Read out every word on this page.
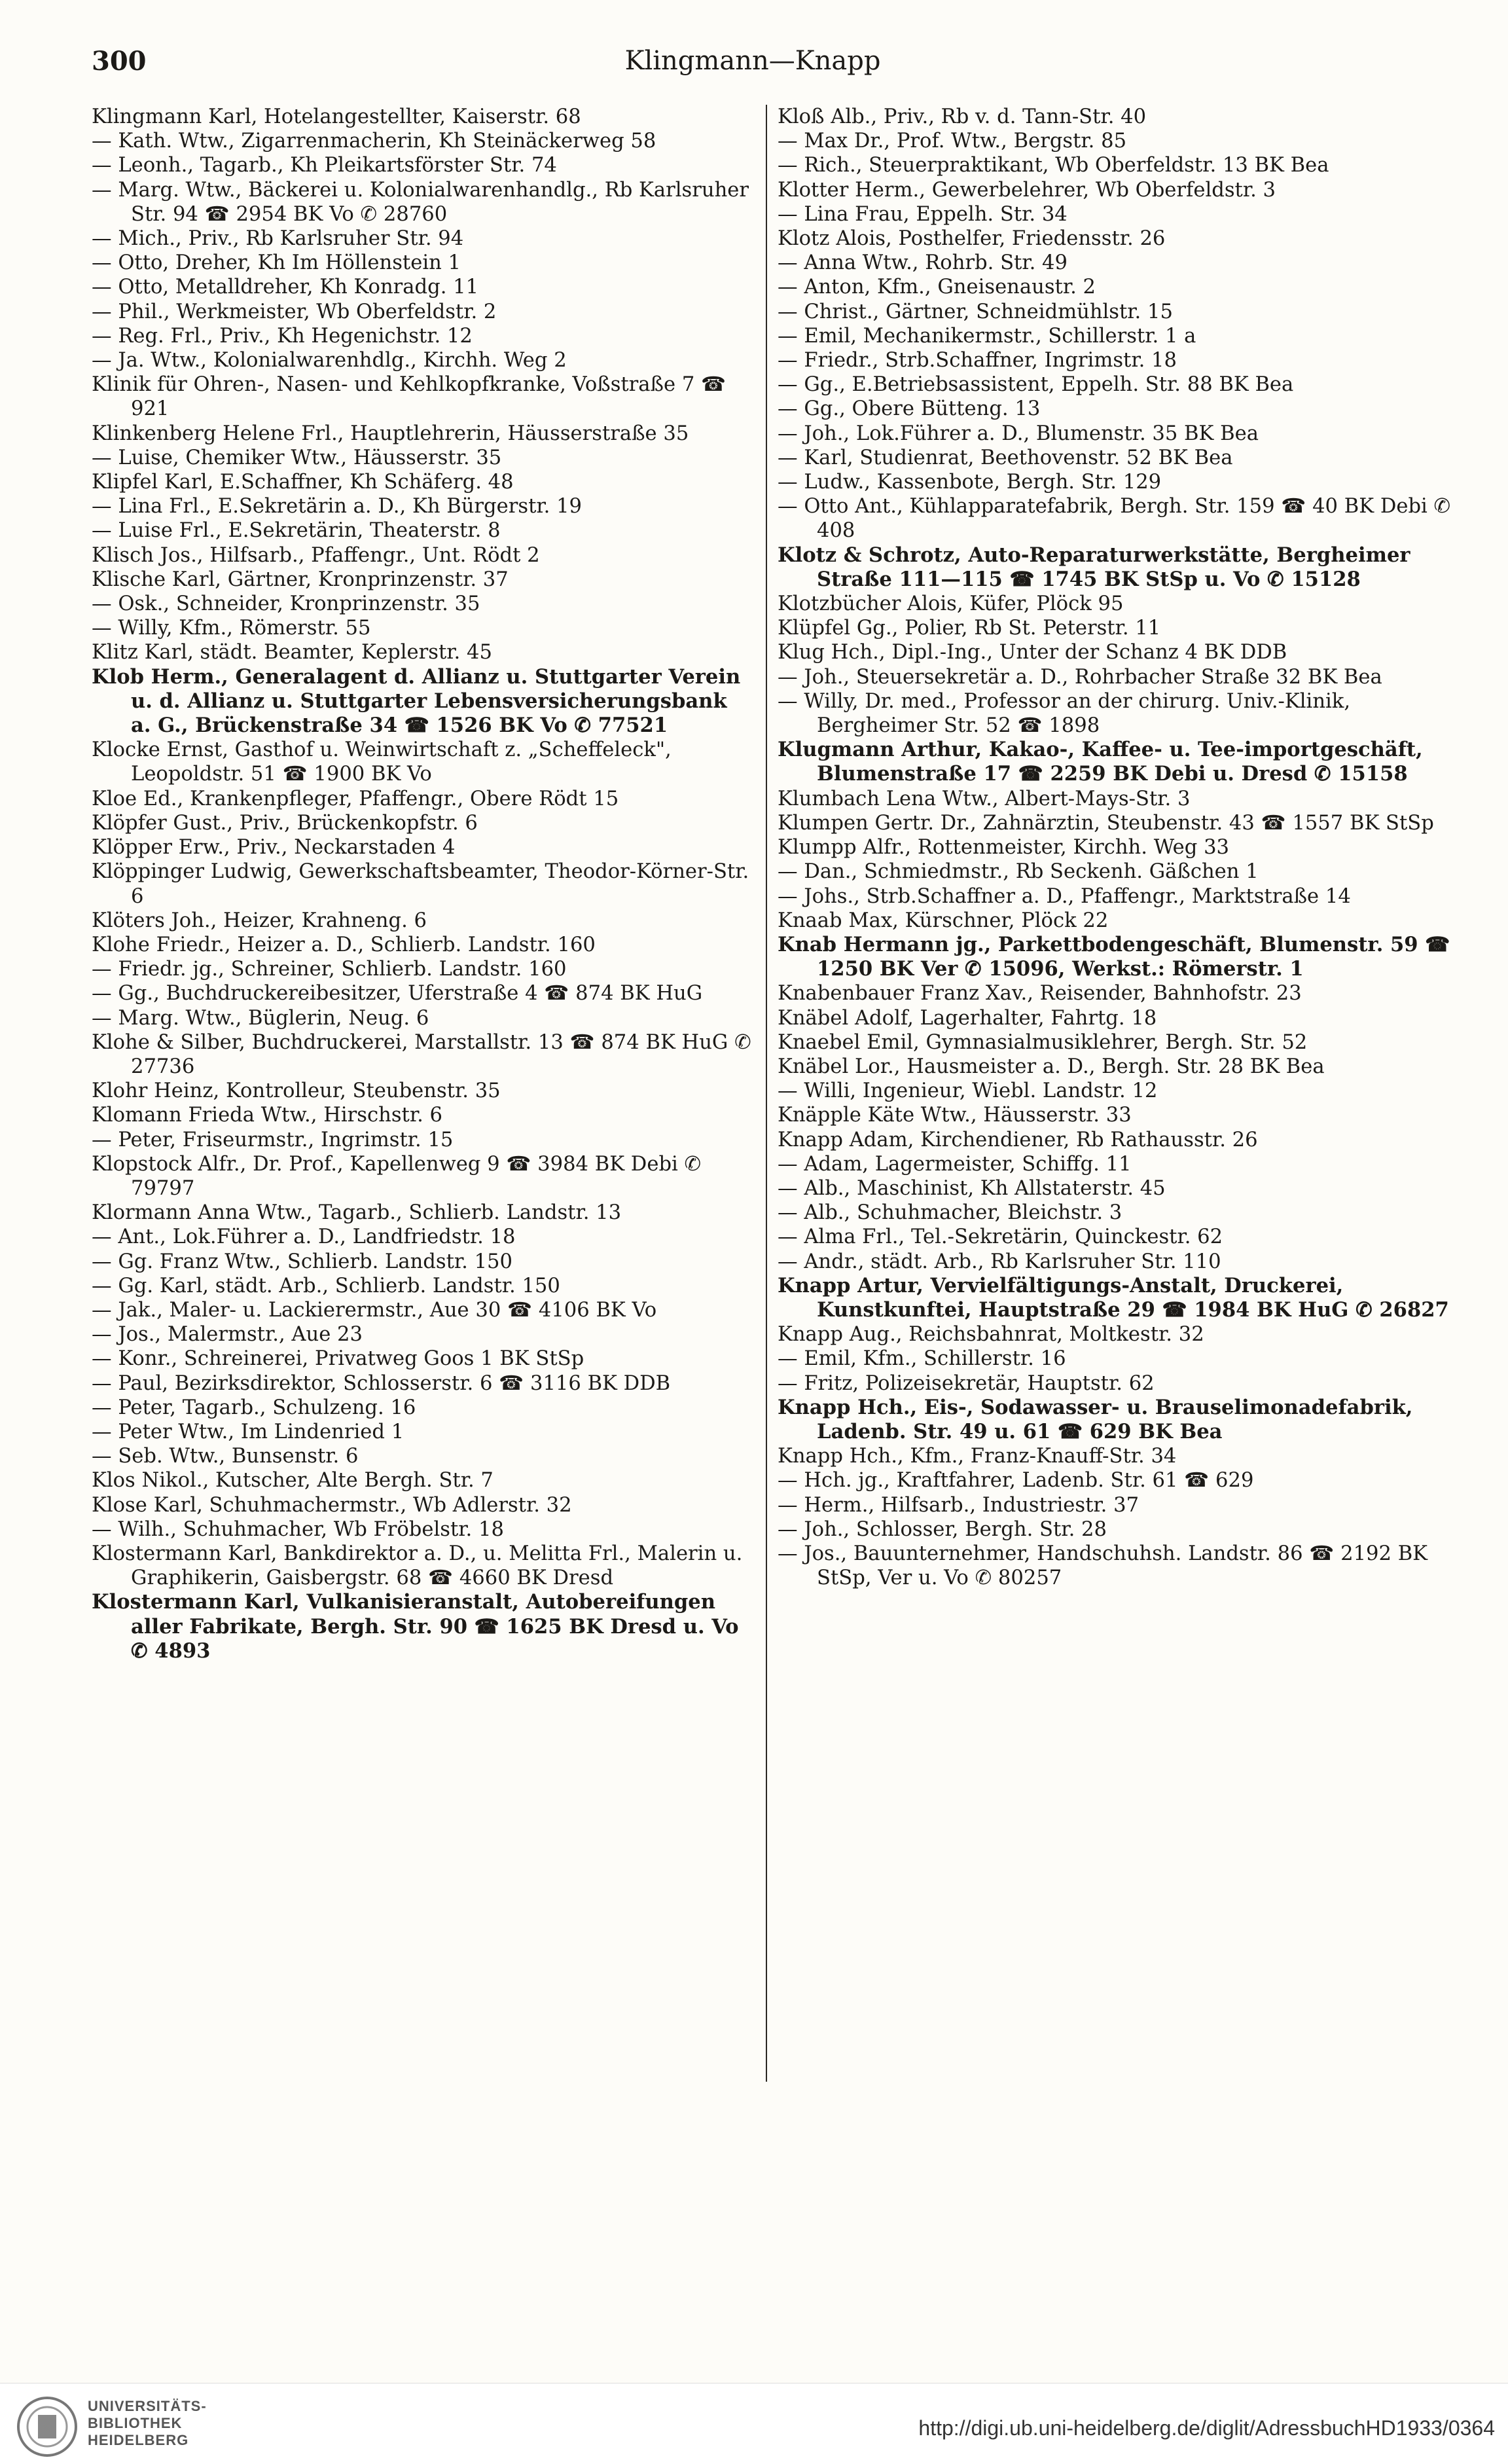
300	Klingmann—Knapp

Klingmann Karl, Hotelangestellter, Kaiserstr. 68

— Kath. Wtw., Zigarrenmacherin, Kh Steinäckerweg 58

— Leonh., Tagarb., Kh Pleikartsförster Str. 74

— Marg. Wtw., Bäckerei u. Kolonialwarenhandlg., Rb Karlsruher Str. 94 ☎ 2954 BK Vo ✆ 28760

— Mich., Priv., Rb Karlsruher Str. 94

— Otto, Dreher, Kh Im Höllenstein 1

— Otto, Metalldreher, Kh Konradg. 11

— Phil., Werkmeister, Wb Oberfeldstr. 2

— Reg. Frl., Priv., Kh Hegenichstr. 12

— Ja. Wtw., Kolonialwarenhdlg., Kirchh. Weg 2

Klinik für Ohren-, Nasen- und Kehlkopfkranke, Voßstraße 7 ☎ 921

Klinkenberg Helene Frl., Hauptlehrerin, Häusserstraße 35

— Luise, Chemiker Wtw., Häusserstr. 35

Klipfel Karl, E.Schaffner, Kh Schäferg. 48

— Lina Frl., E.Sekretärin a. D., Kh Bürgerstr. 19

— Luise Frl., E.Sekretärin, Theaterstr. 8

Klisch Jos., Hilfsarb., Pfaffengr., Unt. Rödt 2

Klische Karl, Gärtner, Kronprinzenstr. 37

— Osk., Schneider, Kronprinzenstr. 35

— Willy, Kfm., Römerstr. 55

Klitz Karl, städt. Beamter, Keplerstr. 45

Klob Herm., Generalagent d. Allianz u. Stuttgarter Verein u. d. Allianz u. Stuttgarter Lebensversicherungsbank a. G., Brückenstraße 34 ☎ 1526 BK Vo ✆ 77521

Klocke Ernst, Gasthof u. Weinwirtschaft z. „Scheffeleck", Leopoldstr. 51 ☎ 1900 BK Vo

Kloe Ed., Krankenpfleger, Pfaffengr., Obere Rödt 15

Klöpfer Gust., Priv., Brückenkopfstr. 6

Klöpper Erw., Priv., Neckarstaden 4

Klöppinger Ludwig, Gewerkschaftsbeamter, Theodor-Körner-Str. 6

Klöters Joh., Heizer, Krahneng. 6

Klohe Friedr., Heizer a. D., Schlierb. Landstr. 160

— Friedr. jg., Schreiner, Schlierb. Landstr. 160

— Gg., Buchdruckereibesitzer, Uferstraße 4 ☎ 874 BK HuG

— Marg. Wtw., Büglerin, Neug. 6

Klohe & Silber, Buchdruckerei, Marstallstr. 13 ☎ 874 BK HuG ✆ 27736

Klohr Heinz, Kontrolleur, Steubenstr. 35

Klomann Frieda Wtw., Hirschstr. 6

— Peter, Friseurmstr., Ingrimstr. 15

Klopstock Alfr., Dr. Prof., Kapellenweg 9 ☎ 3984 BK Debi ✆ 79797

Klormann Anna Wtw., Tagarb., Schlierb. Landstr. 13

— Ant., Lok.Führer a. D., Landfriedstr. 18

— Gg. Franz Wtw., Schlierb. Landstr. 150

— Gg. Karl, städt. Arb., Schlierb. Landstr. 150

— Jak., Maler- u. Lackierermstr., Aue 30 ☎ 4106 BK Vo

— Jos., Malermstr., Aue 23

— Konr., Schreinerei, Privatweg Goos 1 BK StSp

— Paul, Bezirksdirektor, Schlosserstr. 6 ☎ 3116 BK DDB

— Peter, Tagarb., Schulzeng. 16

— Peter Wtw., Im Lindenried 1

— Seb. Wtw., Bunsenstr. 6

Klos Nikol., Kutscher, Alte Bergh. Str. 7

Klose Karl, Schuhmachermstr., Wb Adlerstr. 32

— Wilh., Schuhmacher, Wb Fröbelstr. 18

Klostermann Karl, Bankdirektor a. D., u. Melitta Frl., Malerin u. Graphikerin, Gaisbergstr. 68 ☎ 4660 BK Dresd

Klostermann Karl, Vulkanisieranstalt, Autobereifungen aller Fabrikate, Bergh. Str. 90 ☎ 1625 BK Dresd u. Vo ✆ 4893

Kloß Alb., Priv., Rb v. d. Tann-Str. 40

— Max Dr., Prof. Wtw., Bergstr. 85

— Rich., Steuerpraktikant, Wb Oberfeldstr. 13 BK Bea

Klotter Herm., Gewerbelehrer, Wb Oberfeldstr. 3

— Lina Frau, Eppelh. Str. 34

Klotz Alois, Posthelfer, Friedensstr. 26

— Anna Wtw., Rohrb. Str. 49

— Anton, Kfm., Gneisenaustr. 2

— Christ., Gärtner, Schneidmühlstr. 15

— Emil, Mechanikermstr., Schillerstr. 1 a

— Friedr., Strb.Schaffner, Ingrimstr. 18

— Gg., E.Betriebsassistent, Eppelh. Str. 88 BK Bea

— Gg., Obere Bütteng. 13

— Joh., Lok.Führer a. D., Blumenstr. 35 BK Bea

— Karl, Studienrat, Beethovenstr. 52 BK Bea

— Ludw., Kassenbote, Bergh. Str. 129

— Otto Ant., Kühlapparatefabrik, Bergh. Str. 159 ☎ 40 BK Debi ✆ 408

Klotz & Schrotz, Auto-Reparaturwerkstätte, Bergheimer Straße 111—115 ☎ 1745 BK StSp u. Vo ✆ 15128

Klotzbücher Alois, Küfer, Plöck 95

Klüpfel Gg., Polier, Rb St. Peterstr. 11

Klug Hch., Dipl.-Ing., Unter der Schanz 4 BK DDB

— Joh., Steuersekretär a. D., Rohrbacher Straße 32 BK Bea

— Willy, Dr. med., Professor an der chirurg. Univ.-Klinik, Bergheimer Str. 52 ☎ 1898

Klugmann Arthur, Kakao-, Kaffee- u. Tee-importgeschäft, Blumenstraße 17 ☎ 2259 BK Debi u. Dresd ✆ 15158

Klumbach Lena Wtw., Albert-Mays-Str. 3

Klumpen Gertr. Dr., Zahnärztin, Steubenstr. 43 ☎ 1557 BK StSp

Klumpp Alfr., Rottenmeister, Kirchh. Weg 33

— Dan., Schmiedmstr., Rb Seckenh. Gäßchen 1

— Johs., Strb.Schaffner a. D., Pfaffengr., Marktstraße 14

Knaab Max, Kürschner, Plöck 22

Knab Hermann jg., Parkettbodengeschäft, Blumenstr. 59 ☎ 1250 BK Ver ✆ 15096, Werkst.: Römerstr. 1

Knabenbauer Franz Xav., Reisender, Bahnhofstr. 23

Knäbel Adolf, Lagerhalter, Fahrtg. 18

Knaebel Emil, Gymnasialmusiklehrer, Bergh. Str. 52

Knäbel Lor., Hausmeister a. D., Bergh. Str. 28 BK Bea

— Willi, Ingenieur, Wiebl. Landstr. 12

Knäpple Käte Wtw., Häusserstr. 33

Knapp Adam, Kirchendiener, Rb Rathausstr. 26

— Adam, Lagermeister, Schiffg. 11

— Alb., Maschinist, Kh Allstaterstr. 45

— Alb., Schuhmacher, Bleichstr. 3

— Alma Frl., Tel.-Sekretärin, Quinckestr. 62

— Andr., städt. Arb., Rb Karlsruher Str. 110

Knapp Artur, Vervielfältigungs-Anstalt, Druckerei, Kunstkunftei, Hauptstraße 29 ☎ 1984 BK HuG ✆ 26827

Knapp Aug., Reichsbahnrat, Moltkestr. 32

— Emil, Kfm., Schillerstr. 16

— Fritz, Polizeisekretär, Hauptstr. 62

Knapp Hch., Eis-, Sodawasser- u. Brauselimonadefabrik, Ladenb. Str. 49 u. 61 ☎ 629 BK Bea

Knapp Hch., Kfm., Franz-Knauff-Str. 34

— Hch. jg., Kraftfahrer, Ladenb. Str. 61 ☎ 629

— Herm., Hilfsarb., Industriestr. 37

— Joh., Schlosser, Bergh. Str. 28

— Jos., Bauunternehmer, Handschuhsh. Landstr. 86 ☎ 2192 BK StSp, Ver u. Vo ✆ 80257

UNIVERSITÄTS-
BIBLIOTHEK
HEIDELBERG
http://digi.ub.uni-heidelberg.de/diglit/AdressbuchHD1933/0364
